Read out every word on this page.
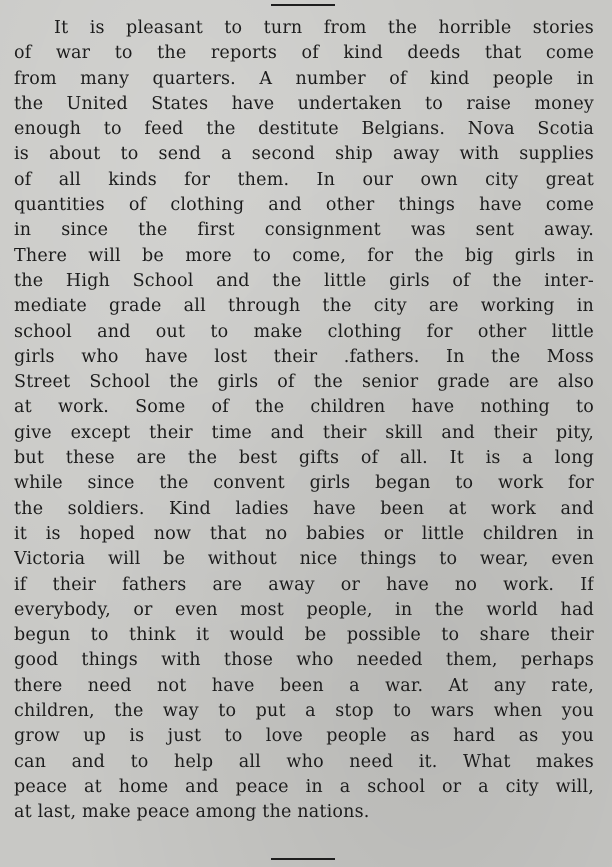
It is pleasant to turn from the horrible stories
of war to the reports of kind deeds that come
from many quarters. A number of kind people in
the United States have undertaken to raise money
enough to feed the destitute Belgians. Nova Scotia
is about to send a second ship away with supplies
of all kinds for them. In our own city great
quantities of clothing and other things have come
in since the first consignment was sent away.
There will be more to come, for the big girls in
the High School and the little girls of the inter-
mediate grade all through the city are working in
school and out to make clothing for other little
girls who have lost their .fathers. In the Moss
Street School the girls of the senior grade are also
at work. Some of the children have nothing to
give except their time and their skill and their pity,
but these are the best gifts of all. It is a long
while since the convent girls began to work for
the soldiers. Kind ladies have been at work and
it is hoped now that no babies or little children in
Victoria will be without nice things to wear, even
if their fathers are away or have no work. If
everybody, or even most people, in the world had
begun to think it would be possible to share their
good things with those who needed them, perhaps
there need not have been a war. At any rate,
children, the way to put a stop to wars when you
grow up is just to love people as hard as you
can and to help all who need it. What makes
peace at home and peace in a school or a city will,
at last, make peace among the nations.
